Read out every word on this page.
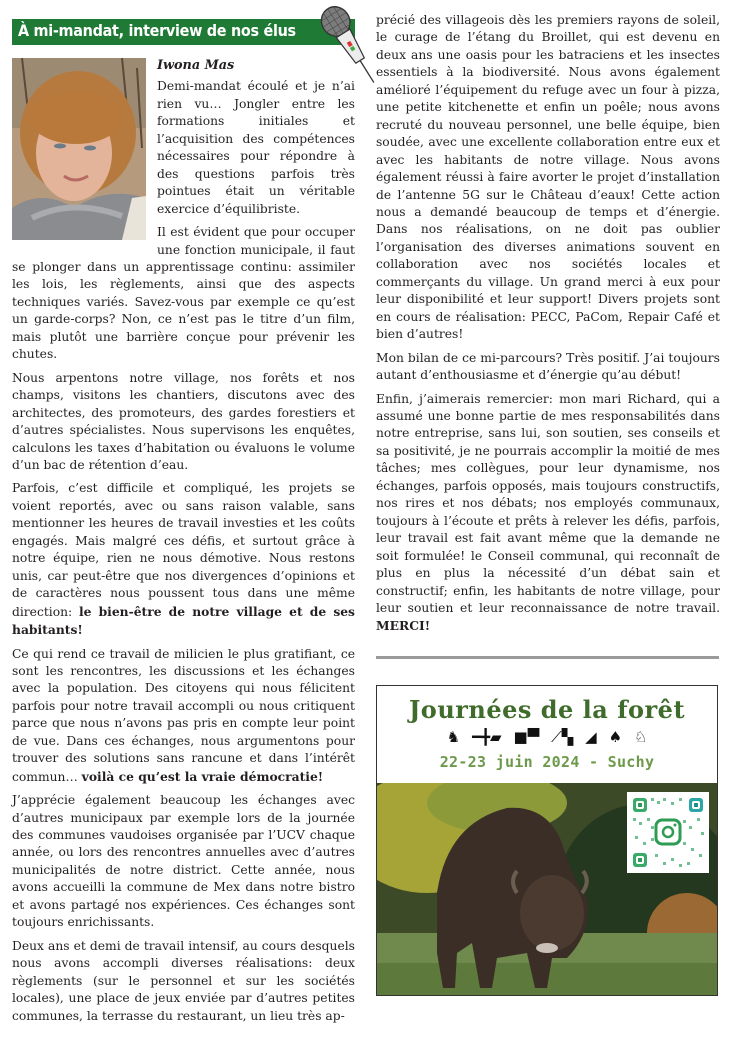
À mi-mandat, interview de nos élus

Iwona Mas

Demi-mandat écoulé et je n’ai rien vu… Jongler entre les formations initiales et l’acquisition des compétences nécessaires pour répondre à des questions parfois très pointues était un véritable exercice d’équilibriste.

Il est évident que pour occuper une fonction municipale, il faut se plonger dans un apprentissage continu: assimiler les lois, les règlements, ainsi que des aspects techniques variés. Savez-vous par exemple ce qu’est un garde-corps? Non, ce n’est pas le titre d’un film, mais plutôt une barrière conçue pour prévenir les chutes.

Nous arpentons notre village, nos forêts et nos champs, visitons les chantiers, discutons avec des architectes, des promoteurs, des gardes forestiers et d’autres spécialistes. Nous supervisons les enquêtes, calculons les taxes d’habitation ou évaluons le volume d’un bac de rétention d’eau.

Parfois, c’est difficile et compliqué, les projets se voient reportés, avec ou sans raison valable, sans mentionner les heures de travail investies et les coûts engagés. Mais malgré ces défis, et surtout grâce à notre équipe, rien ne nous démotive. Nous restons unis, car peut-être que nos divergences d’opinions et de caractères nous poussent tous dans une même direction: le bien-être de notre village et de ses habitants!

Ce qui rend ce travail de milicien le plus gratifiant, ce sont les rencontres, les discussions et les échanges avec la population. Des citoyens qui nous félicitent parfois pour notre travail accompli ou nous critiquent parce que nous n’avons pas pris en compte leur point de vue. Dans ces échanges, nous argumentons pour trouver des solutions sans rancune et dans l’intérêt commun… voilà ce qu’est la vraie démocratie!

J’apprécie également beaucoup les échanges avec d’autres municipaux par exemple lors de la journée des communes vaudoises organisée par l’UCV chaque année, ou lors des rencontres annuelles avec d’autres municipalités de notre district. Cette année, nous avons accueilli la commune de Mex dans notre bistro et avons partagé nos expériences. Ces échanges sont toujours enrichissants.

Deux ans et demi de travail intensif, au cours desquels nous avons accompli diverses réalisations: deux règlements (sur le personnel et sur les sociétés locales), une place de jeux enviée par d’autres petites communes, la terrasse du restaurant, un lieu très ap-

précié des villageois dès les premiers rayons de soleil, le curage de l’étang du Broillet, qui est devenu en deux ans une oasis pour les batraciens et les insectes essentiels à la biodiversité. Nous avons également amélioré l’équipement du refuge avec un four à pizza, une petite kitchenette et enfin un poêle; nous avons recruté du nouveau personnel, une belle équipe, bien soudée, avec une excellente collaboration entre eux et avec les habitants de notre village. Nous avons également réussi à faire avorter le projet d’installation de l’antenne 5G sur le Château d’eaux! Cette action nous a demandé beaucoup de temps et d’énergie. Dans nos réalisations, on ne doit pas oublier l’organisation des diverses animations souvent en collaboration avec nos sociétés locales et commerçants du village. Un grand merci à eux pour leur disponibilité et leur support! Divers projets sont en cours de réalisation: PECC, PaCom, Repair Café et bien d’autres!

Mon bilan de ce mi-parcours? Très positif. J’ai toujours autant d’enthousiasme et d’énergie qu’au début!

Enfin, j’aimerais remercier: mon mari Richard, qui a assumé une bonne partie de mes responsabilités dans notre entreprise, sans lui, son soutien, ses conseils et sa positivité, je ne pourrais accomplir la moitié de mes tâches; mes collègues, pour leur dynamisme, nos échanges, parfois opposés, mais toujours constructifs, nos rires et nos débats; nos employés communaux, toujours à l’écoute et prêts à relever les défis, parfois, leur travail est fait avant même que la demande ne soit formulée! le Conseil communal, qui reconnaît de plus en plus la nécessité d’un débat sain et constructif; enfin, les habitants de notre village, pour leur soutien et leur reconnaissance de notre travail. MERCI!

Journées de la forêt
♞ ━╋▰ ■▀ ⟋▚ ◢ ♠ ♘
22-23 juin 2024 - Suchy
